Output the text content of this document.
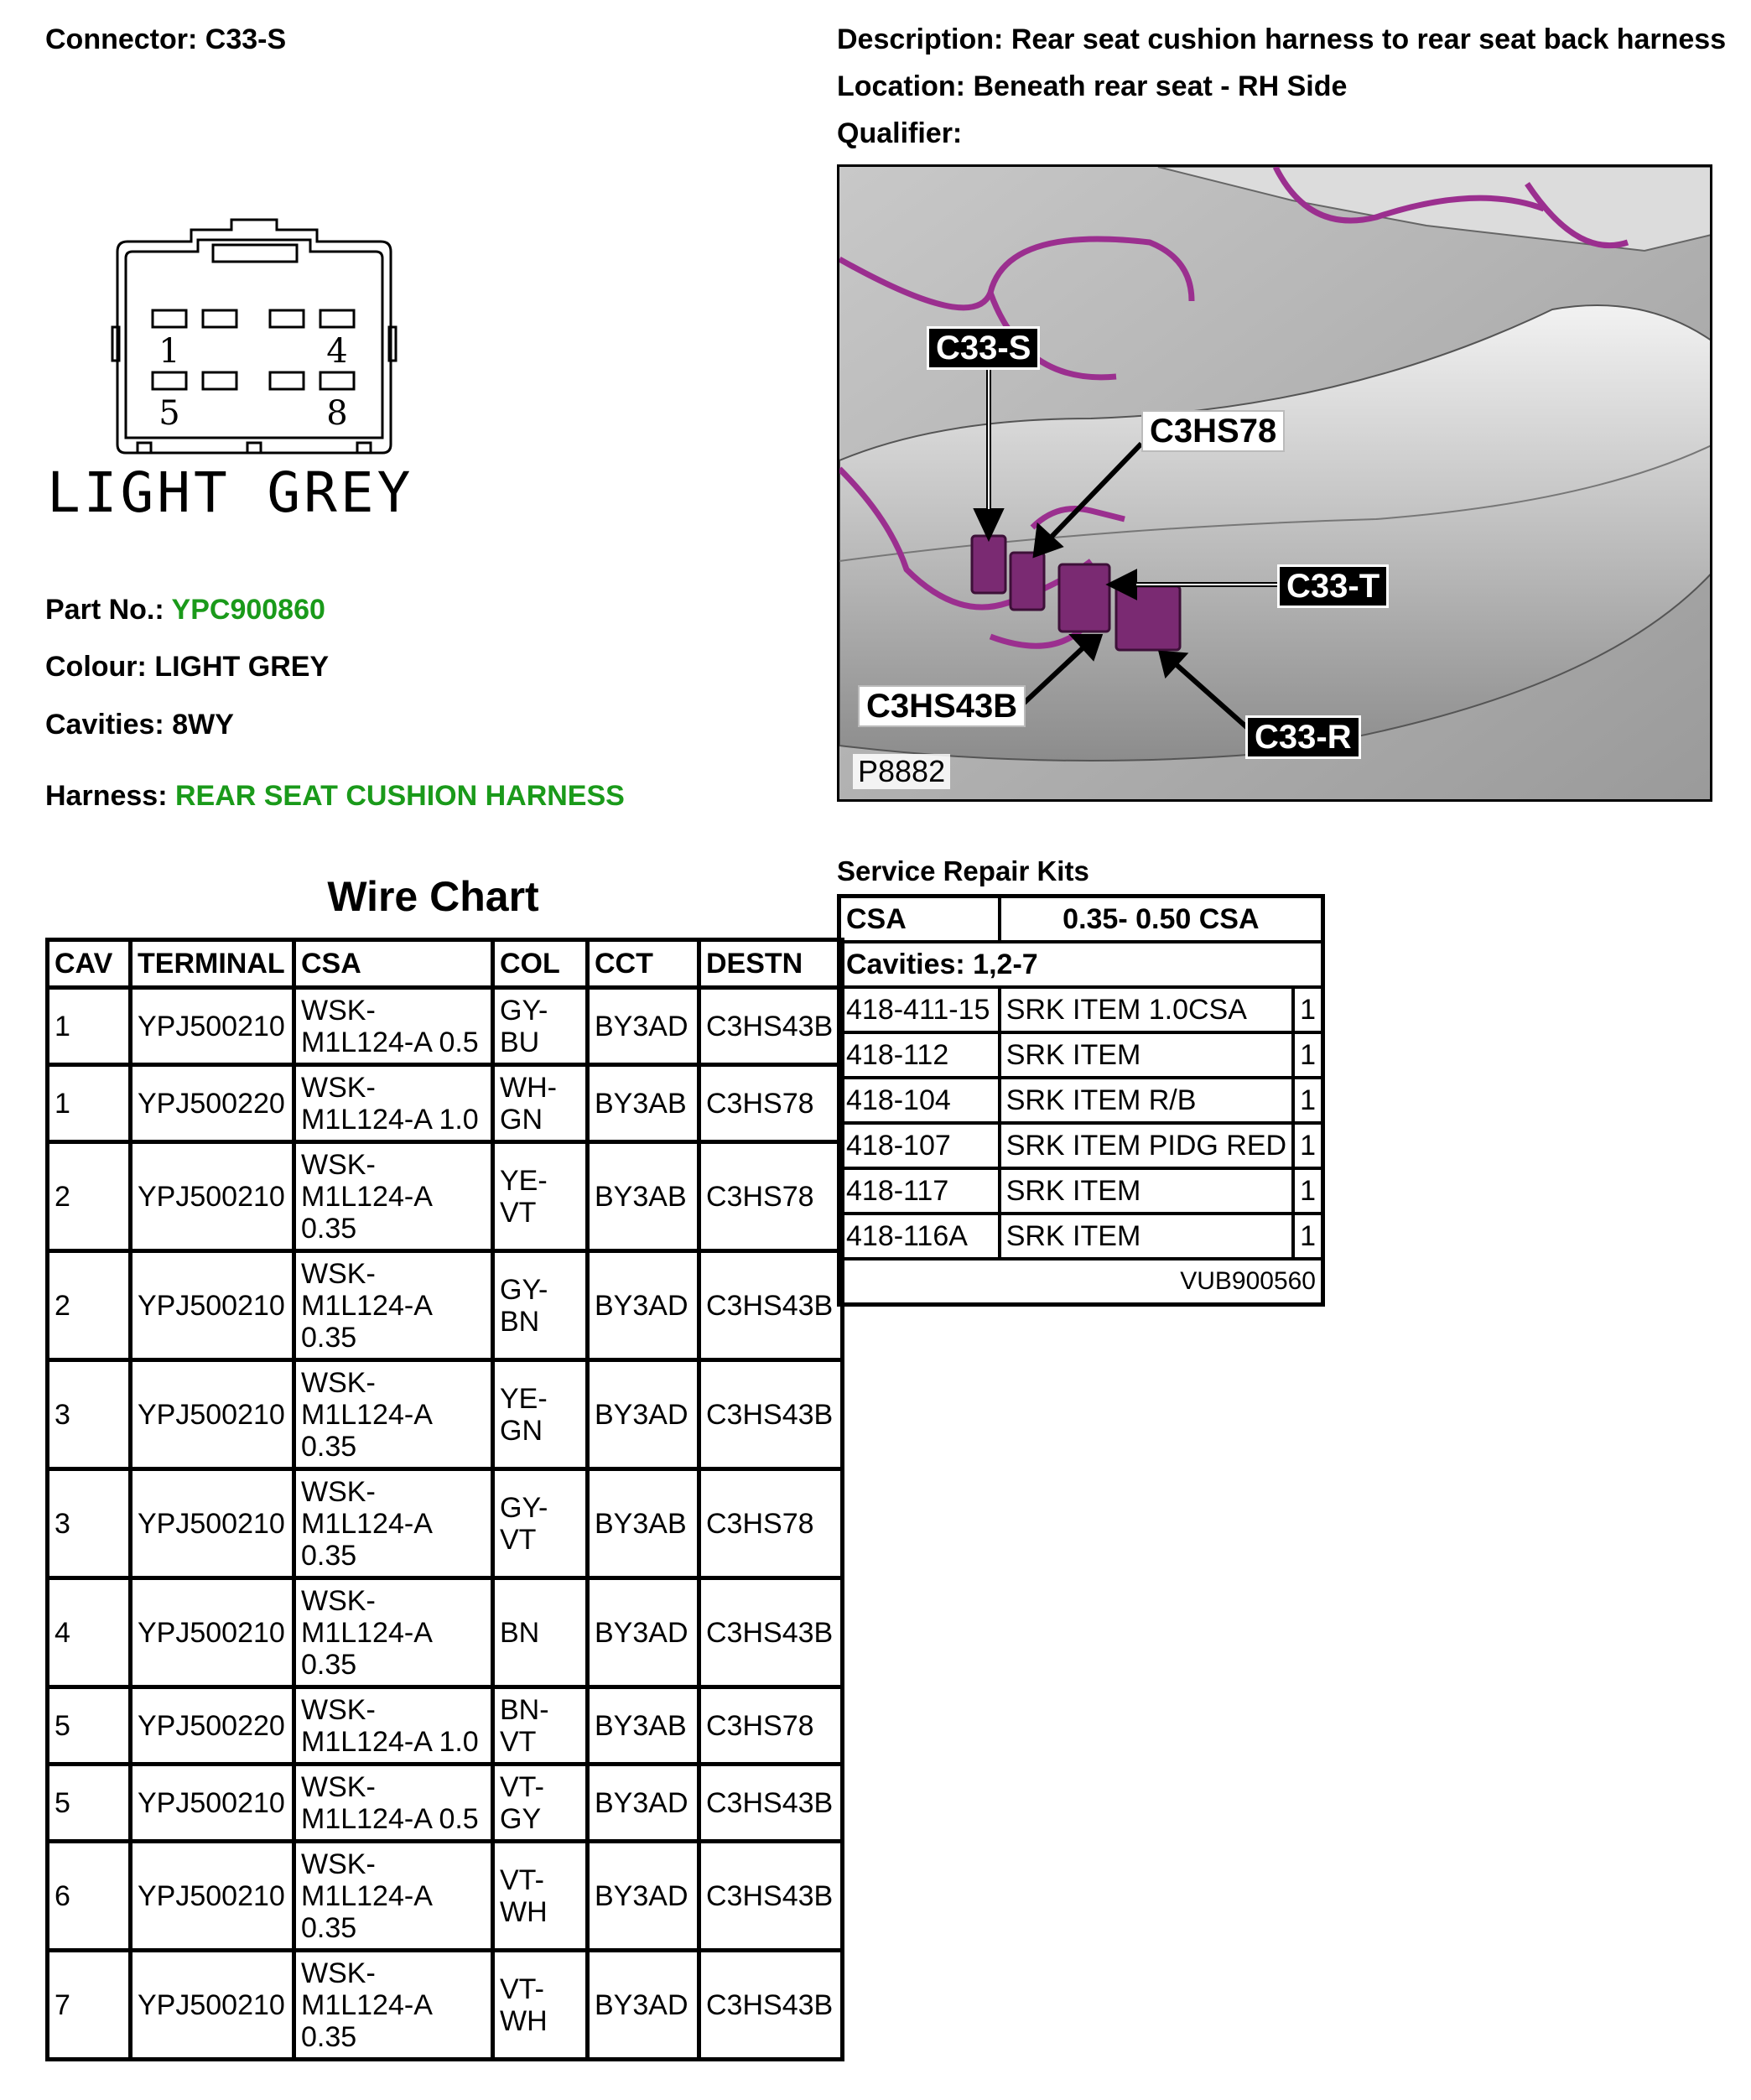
Connector: C33-S	Description: Rear seat cushion harness to rear seat back harness
Location: Beneath rear seat - RH Side
Qualifier:
1	4
5	8
LIGHT GREY
Part No.: YPC900860
Colour: LIGHT GREY
Cavities: 8WY
Harness: REAR SEAT CUSHION HARNESS
Wire Chart
CAV	TERMINAL	CSA	COL	CCT	DESTN
1	YPJ500210	WSK-
M1L124-A 0.5	GY-
BU	BY3AD	C3HS43B
1	YPJ500220	WSK-
M1L124-A 1.0	WH-
GN	BY3AB	C3HS78
2	YPJ500210	WSK-
M1L124-A
0.35	YE-
VT	BY3AB	C3HS78
2	YPJ500210	WSK-
M1L124-A
0.35	GY-
BN	BY3AD	C3HS43B
3	YPJ500210	WSK-
M1L124-A
0.35	YE-
GN	BY3AD	C3HS43B
3	YPJ500210	WSK-
M1L124-A
0.35	GY-
VT	BY3AB	C3HS78
4	YPJ500210	WSK-
M1L124-A
0.35	BN	BY3AD	C3HS43B
5	YPJ500220	WSK-
M1L124-A 1.0	BN-
VT	BY3AB	C3HS78
5	YPJ500210	WSK-
M1L124-A 0.5	VT-
GY	BY3AD	C3HS43B
6	YPJ500210	WSK-
M1L124-A
0.35	VT-
WH	BY3AD	C3HS43B
7	YPJ500210	WSK-
M1L124-A
0.35	VT-
WH	BY3AD	C3HS43B
C33-S
C3HS78
C33-T
C3HS43B
C33-R
P8882
Service Repair Kits
CSA	0.35- 0.50 CSA	
Cavities: 1,2-7		
418-411-15	SRK ITEM 1.0CSA	1
418-112	SRK ITEM	1
418-104	SRK ITEM R/B	1
418-107	SRK ITEM PIDG RED	1
418-117	SRK ITEM	1
418-116A	SRK ITEM	1
VUB900560		
